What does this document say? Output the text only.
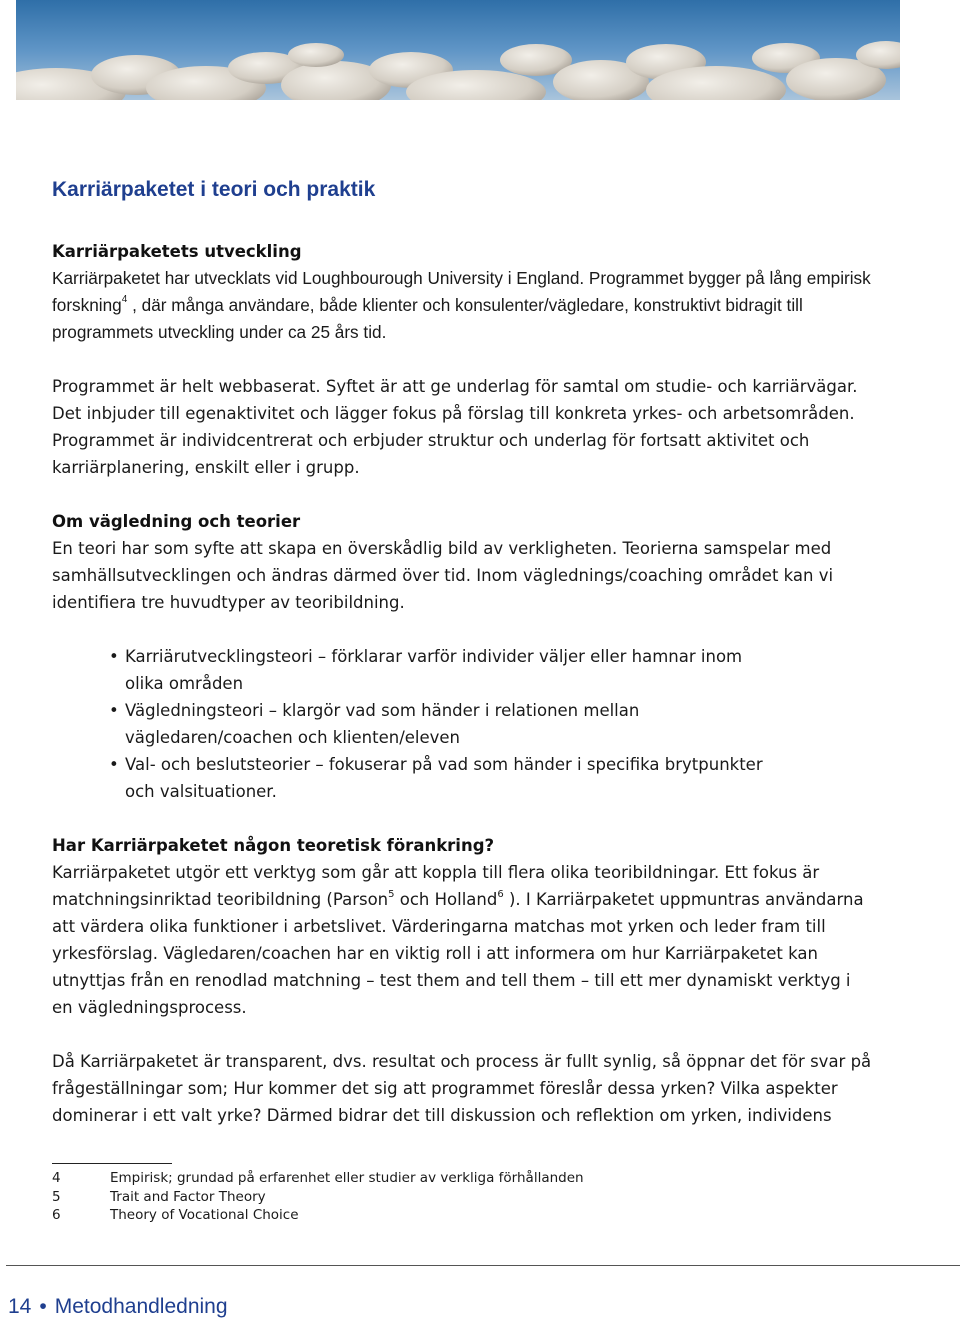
Karriärpaketet i teori och praktik
Karriärpaketets utveckling

Karriärpaketet har utvecklats vid Loughbourough University i England. Programmet bygger på lång empirisk forskning$^4$ , där många användare, både klienter och konsulenter/vägledare, konstruktivt bidragit till programmets utveckling under ca 25 års tid.

Programmet är helt webbaserat. Syftet är att ge underlag för samtal om studie- och karriärvägar. Det inbjuder till egenaktivitet och lägger fokus på förslag till konkreta yrkes- och arbetsområden. Programmet är individcentrerat och erbjuder struktur och underlag för fortsatt aktivitet och karriärplanering, enskilt eller i grupp.

Om vägledning och teorier

En teori har som syfte att skapa en överskådlig bild av verkligheten. Teorierna samspelar med samhällsutvecklingen och ändras därmed över tid. Inom väglednings/coaching området kan vi identifiera tre huvudtyper av teoribildning.

• Karriärutvecklingsteori – förklarar varför individer väljer eller hamnar inom
olika områden
• Vägledningsteori – klargör vad som händer i relationen mellan
vägledaren/coachen och klienten/eleven
• Val- och beslutsteorier – fokuserar på vad som händer i specifika brytpunkter
och valsituationer.
Har Karriärpaketet någon teoretisk förankring?

Karriärpaketet utgör ett verktyg som går att koppla till flera olika teoribildningar. Ett fokus är matchningsinriktad teoribildning (Parson$^5$ och Holland$^6$ ). I Karriärpaketet uppmuntras användarna att värdera olika funktioner i arbetslivet. Värderingarna matchas mot yrken och leder fram till yrkesförslag. Vägledaren/coachen har en viktig roll i att informera om hur Karriärpaketet kan utnyttjas från en renodlad matchning – test them and tell them – till ett mer dynamiskt verktyg i en vägledningsprocess.

Då Karriärpaketet är transparent, dvs. resultat och process är fullt synlig, så öppnar det för svar på frågeställningar som; Hur kommer det sig att programmet föreslår dessa yrken? Vilka aspekter dominerar i ett valt yrke? Därmed bidrar det till diskussion och reflektion om yrken, individens

4	Empirisk; grundad på erfarenhet eller studier av verkliga förhållanden
5	Trait and Factor Theory
6	Theory of Vocational Choice
14 • Metodhandledning
